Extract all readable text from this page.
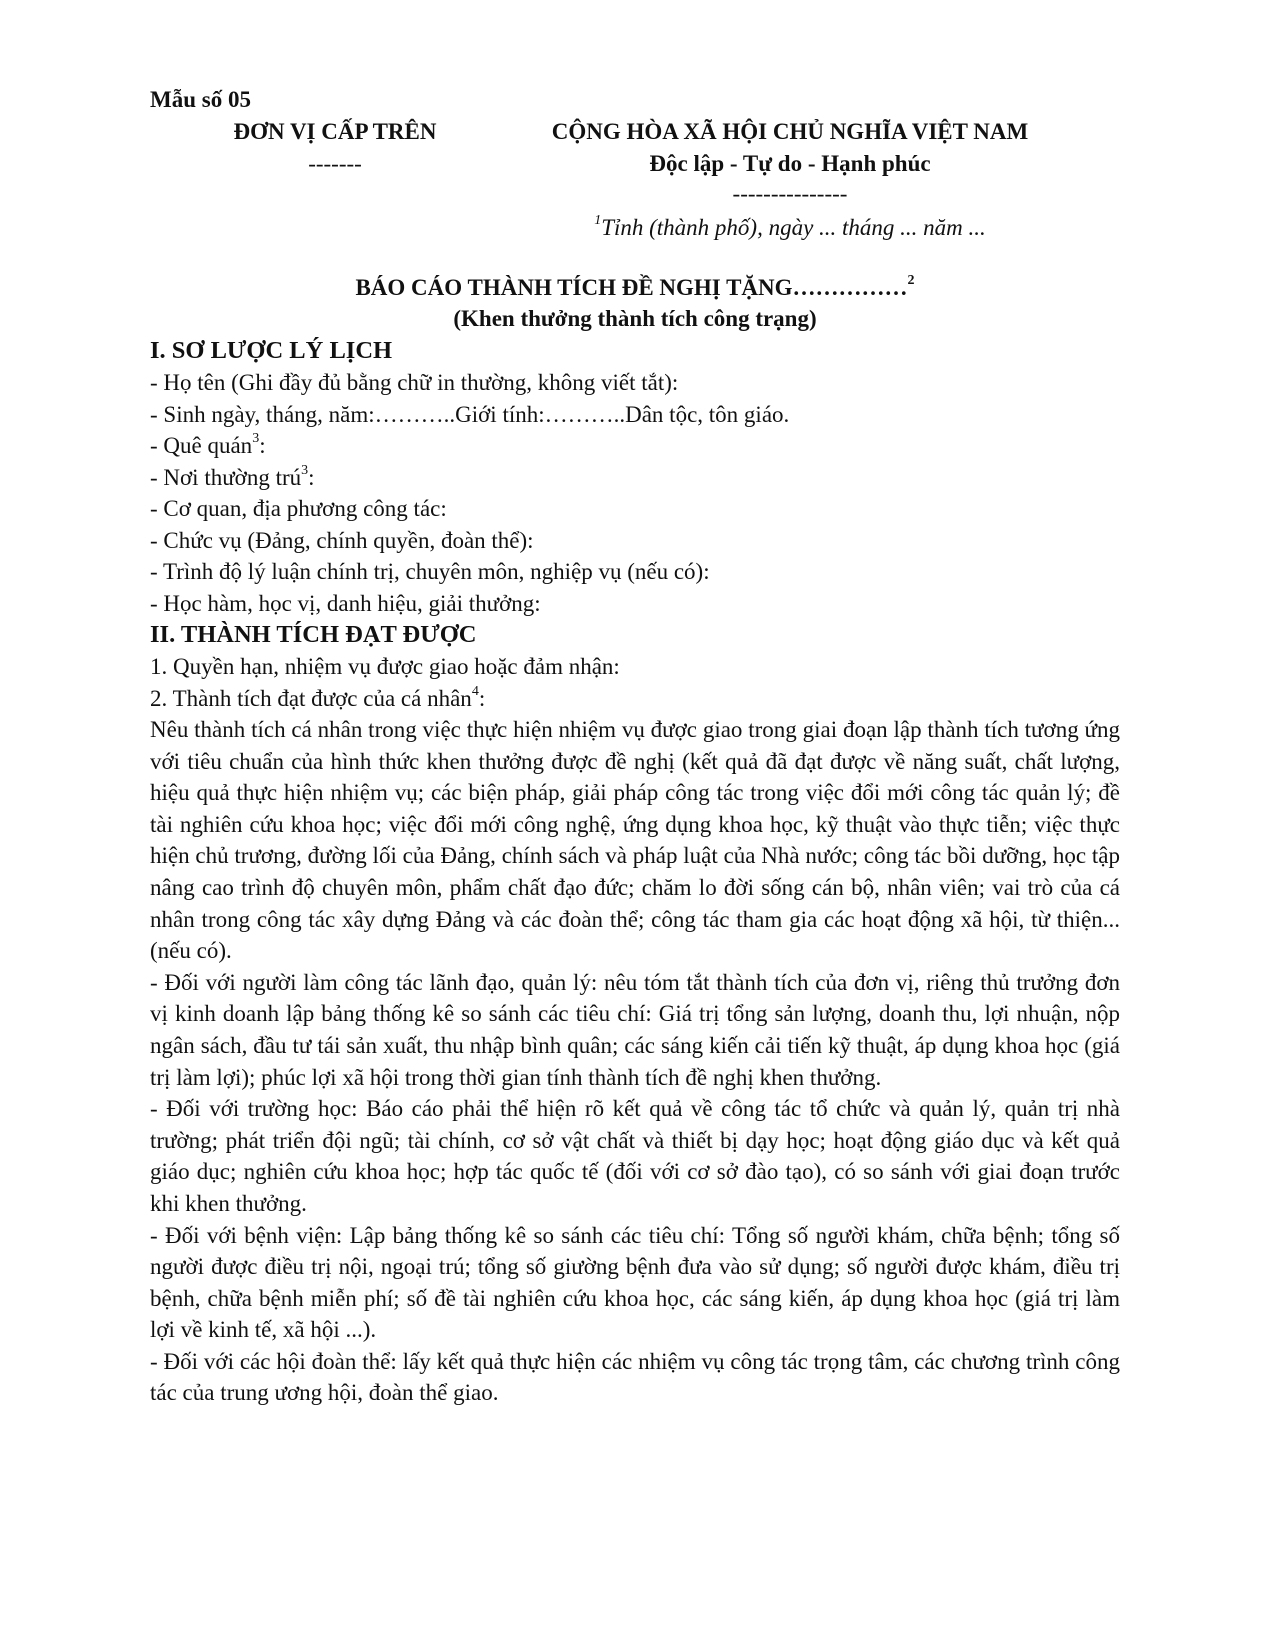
Mẫu số 05
ĐƠN VỊ CẤP TRÊN
-------
CỘNG HÒA XÃ HỘI CHỦ NGHĨA VIỆT NAM
Độc lập - Tự do - Hạnh phúc
---------------
$^1$Tỉnh (thành phố), ngày ... tháng ... năm ...
BÁO CÁO THÀNH TÍCH ĐỀ NGHỊ TẶNG……………$^2$
(Khen thưởng thành tích công trạng)
I. SƠ LƯỢC LÝ LỊCH
- Họ tên (Ghi đầy đủ bằng chữ in thường, không viết tắt):
- Sinh ngày, tháng, năm:………..Giới tính:………..Dân tộc, tôn giáo.
- Quê quán$^3$:
- Nơi thường trú$^3$:
- Cơ quan, địa phương công tác:
- Chức vụ (Đảng, chính quyền, đoàn thể):
- Trình độ lý luận chính trị, chuyên môn, nghiệp vụ (nếu có):
- Học hàm, học vị, danh hiệu, giải thưởng:
II. THÀNH TÍCH ĐẠT ĐƯỢC
1. Quyền hạn, nhiệm vụ được giao hoặc đảm nhận:
2. Thành tích đạt được của cá nhân$^4$:
Nêu thành tích cá nhân trong việc thực hiện nhiệm vụ được giao trong giai đoạn lập thành tích tương ứng với tiêu chuẩn của hình thức khen thưởng được đề nghị (kết quả đã đạt được về năng suất, chất lượng, hiệu quả thực hiện nhiệm vụ; các biện pháp, giải pháp công tác trong việc đổi mới công tác quản lý; đề tài nghiên cứu khoa học; việc đổi mới công nghệ, ứng dụng khoa học, kỹ thuật vào thực tiễn; việc thực hiện chủ trương, đường lối của Đảng, chính sách và pháp luật của Nhà nước; công tác bồi dưỡng, học tập nâng cao trình độ chuyên môn, phẩm chất đạo đức; chăm lo đời sống cán bộ, nhân viên; vai trò của cá nhân trong công tác xây dựng Đảng và các đoàn thể; công tác tham gia các hoạt động xã hội, từ thiện...(nếu có).
- Đối với người làm công tác lãnh đạo, quản lý: nêu tóm tắt thành tích của đơn vị, riêng thủ trưởng đơn vị kinh doanh lập bảng thống kê so sánh các tiêu chí: Giá trị tổng sản lượng, doanh thu, lợi nhuận, nộp ngân sách, đầu tư tái sản xuất, thu nhập bình quân; các sáng kiến cải tiến kỹ thuật, áp dụng khoa học (giá trị làm lợi); phúc lợi xã hội trong thời gian tính thành tích đề nghị khen thưởng.
- Đối với trường học: Báo cáo phải thể hiện rõ kết quả về công tác tổ chức và quản lý, quản trị nhà trường; phát triển đội ngũ; tài chính, cơ sở vật chất và thiết bị dạy học; hoạt động giáo dục và kết quả giáo dục; nghiên cứu khoa học; hợp tác quốc tế (đối với cơ sở đào tạo), có so sánh với giai đoạn trước khi khen thưởng.
- Đối với bệnh viện: Lập bảng thống kê so sánh các tiêu chí: Tổng số người khám, chữa bệnh; tổng số người được điều trị nội, ngoại trú; tổng số giường bệnh đưa vào sử dụng; số người được khám, điều trị bệnh, chữa bệnh miễn phí; số đề tài nghiên cứu khoa học, các sáng kiến, áp dụng khoa học (giá trị làm lợi về kinh tế, xã hội ...).
- Đối với các hội đoàn thể: lấy kết quả thực hiện các nhiệm vụ công tác trọng tâm, các chương trình công tác của trung ương hội, đoàn thể giao.
